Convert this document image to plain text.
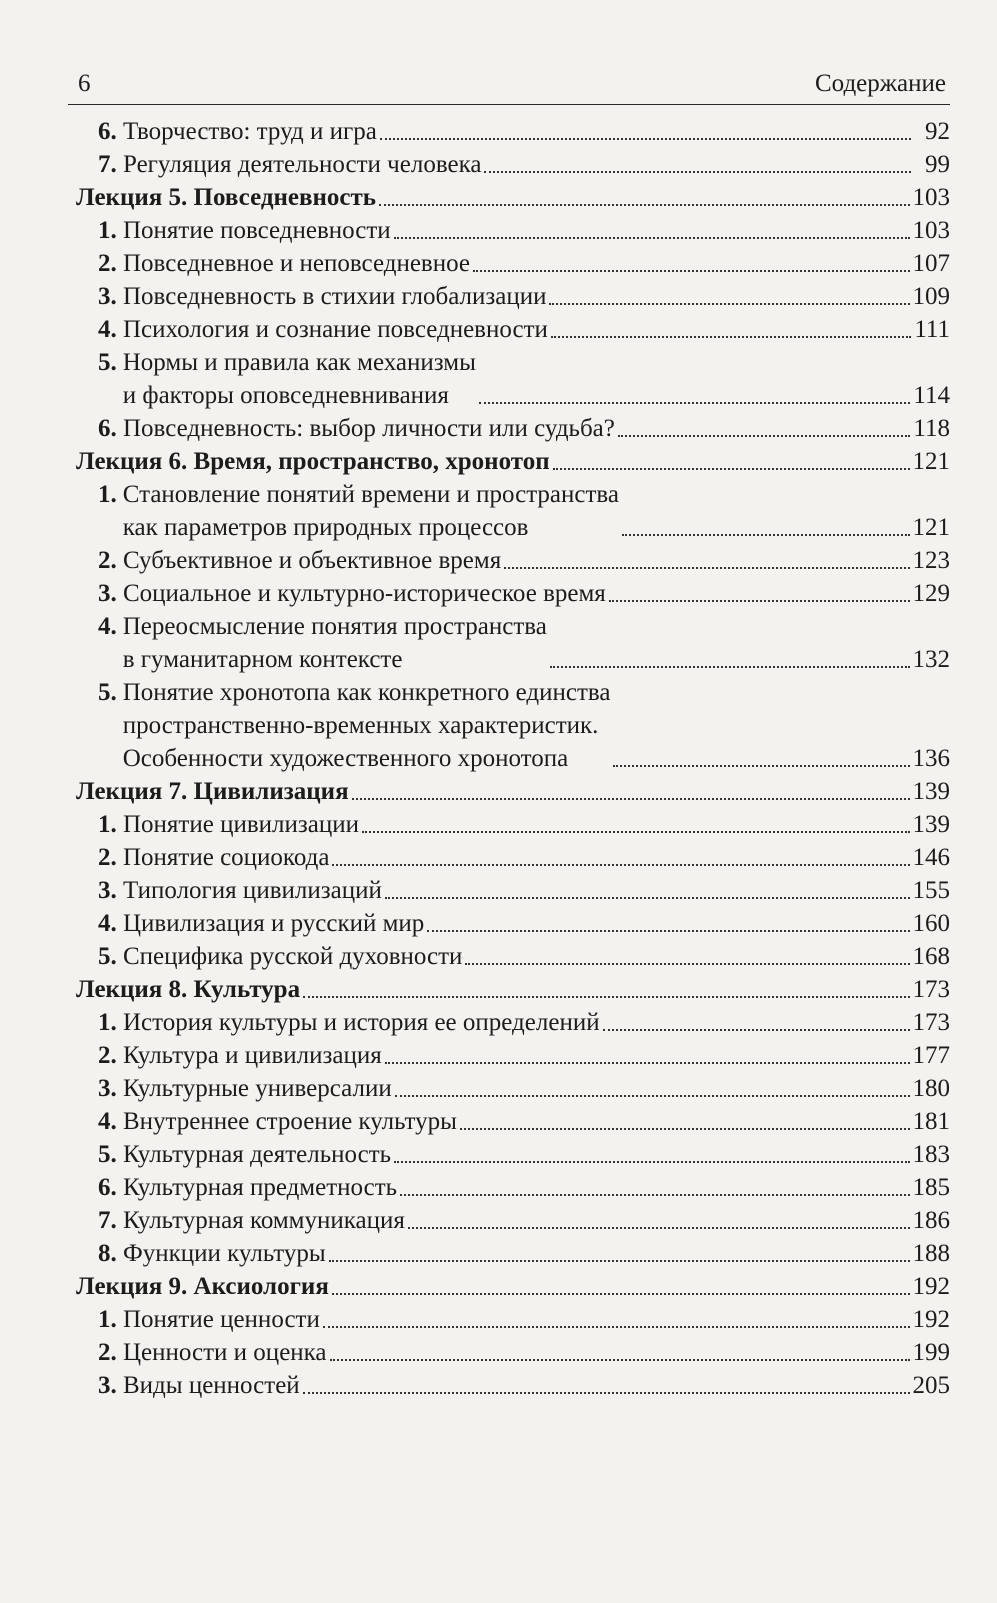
6	Содержание
6. Творчество: труд и игра	92
7. Регуляция деятельности человека	99
Лекция 5. Повседневность	103
1. Понятие повседневности	103
2. Повседневное и неповседневное	107
3. Повседневность в стихии глобализации	109
4. Психология и сознание повседневности	111
5. Нормы и правила как механизмы
и факторы оповседневнивания	114
6. Повседневность: выбор личности или судьба?	118
Лекция 6. Время, пространство, хронотоп	121
1. Становление понятий времени и пространства
как параметров природных процессов	121
2. Субъективное и объективное время	123
3. Социальное и культурно-историческое время	129
4. Переосмысление понятия пространства
в гуманитарном контексте	132
5. Понятие хронотопа как конкретного единства
пространственно-временных характеристик.
Особенности художественного хронотопа	136
Лекция 7. Цивилизация	139
1. Понятие цивилизации	139
2. Понятие социокода	146
3. Типология цивилизаций	155
4. Цивилизация и русский мир	160
5. Специфика русской духовности	168
Лекция 8. Культура	173
1. История культуры и история ее определений	173
2. Культура и цивилизация	177
3. Культурные универсалии	180
4. Внутреннее строение культуры	181
5. Культурная деятельность	183
6. Культурная предметность	185
7. Культурная коммуникация	186
8. Функции культуры	188
Лекция 9. Аксиология	192
1. Понятие ценности	192
2. Ценности и оценка	199
3. Виды ценностей	205
